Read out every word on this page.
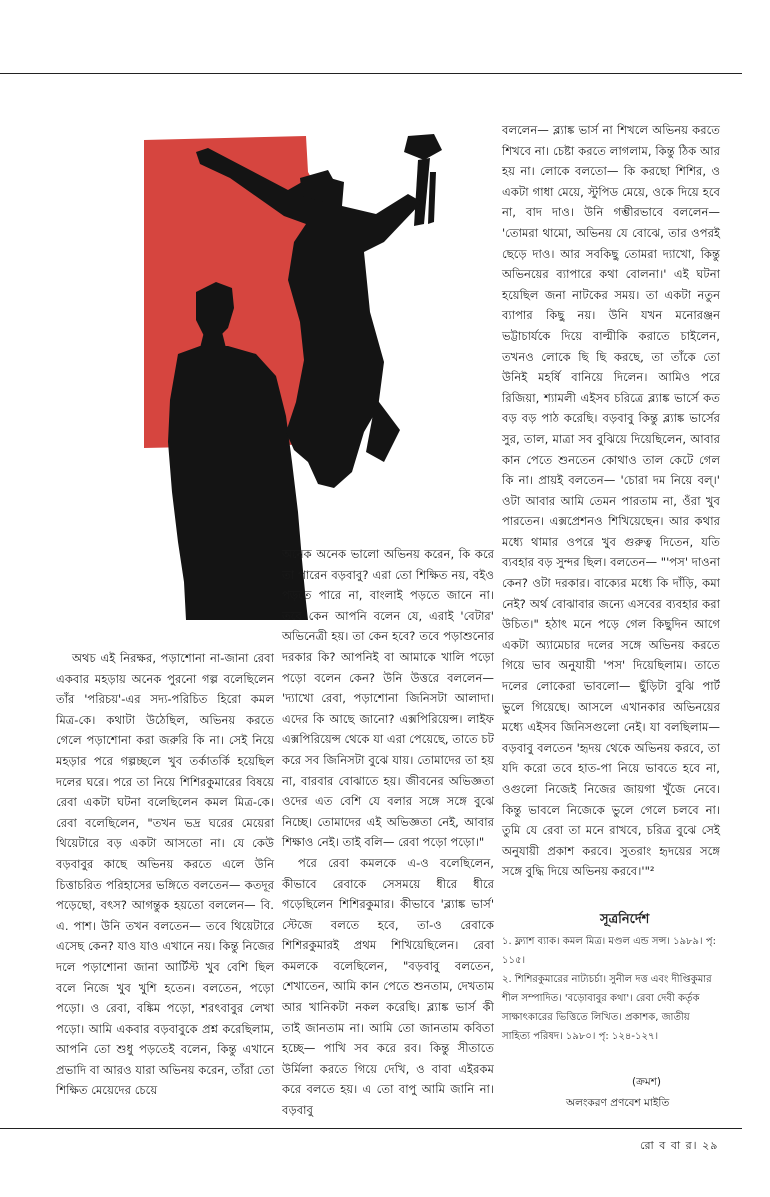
অথচ এই নিরক্ষর, পড়াশোনা না-জানা রেবা একবার মহড়ায় অনেক পুরনো গল্প বলেছিলেন তাঁর 'পরিচয়'-এর সদ্য-পরিচিত হিরো কমল মিত্র-কে। কথাটা উঠেছিল, অভিনয় করতে গেলে পড়াশোনা করা জরুরি কি না। সেই নিয়ে মহড়ার পরে গল্পচ্ছলে খুব তর্কাতর্কি হয়েছিল দলের ঘরে। পরে তা নিয়ে শিশিরকুমারের বিষয়ে রেবা একটা ঘটনা বলেছিলেন কমল মিত্র-কে। রেবা বলেছিলেন, "তখন ভদ্র ঘরের মেয়েরা থিয়েটারে বড় একটা আসতো না। যে কেউ বড়বাবুর কাছে অভিনয় করতে এলে উনি চিত্তাচরিত পরিহাসের ভঙ্গিতে বলতেন— কতদূর পড়েছো, বৎস? আগন্তুক হয়তো বললেন— বি. এ. পাশ। উনি তখন বলতেন— তবে থিয়েটারে এসেছ কেন? যাও যাও এখানে নয়। কিন্তু নিজের দলে পড়াশোনা জানা আর্টিস্ট খুব বেশি ছিল বলে নিজে খুব খুশি হতেন। বলতেন, পড়ো পড়ো। ও রেবা, বঙ্কিম পড়ো, শরৎবাবুর লেখা পড়ো। আমি একবার বড়বাবুকে প্রশ্ন করেছিলাম, আপনি তো শুধু পড়তেই বলেন, কিন্তু এখানে প্রভাদি বা আরও যারা অভিনয় করেন, তাঁরা তো শিক্ষিত মেয়েদের চেয়ে

অনেক অনেক ভালো অভিনয় করেন, কি করে তা পারেন বড়বাবু? এরা তো শিক্ষিত নয়, বইও পড়তে পারে না, বাংলাই পড়তে জানে না। তবে কেন আপনি বলেন যে, এরাই 'বেটার' অভিনেত্রী হয়। তা কেন হবে? তবে পড়াশুনোর দরকার কি? আপনিই বা আমাকে খালি পড়ো পড়ো বলেন কেন? উনি উত্তরে বললেন— 'দ্যাখো রেবা, পড়াশোনা জিনিসটা আলাদা। এদের কি আছে জানো? এক্সপিরিয়েন্স। লাইফ এক্সপিরিয়েন্স থেকে যা এরা পেয়েছে, তাতে চট করে সব জিনিসটা বুঝে যায়। তোমাদের তা হয় না, বারবার বোঝাতে হয়। জীবনের অভিজ্ঞতা ওদের এত বেশি যে বলার সঙ্গে সঙ্গে বুঝে নিচ্ছে। তোমাদের এই অভিজ্ঞতা নেই, আবার শিক্ষাও নেই। তাই বলি— রেবা পড়ো পড়ো।"

পরে রেবা কমলকে এ-ও বলেছিলেন, কীভাবে রেবাকে সেসময়ে ধীরে ধীরে গড়েছিলেন শিশিরকুমার। কীভাবে 'ব্ল্যাঙ্ক ভার্স' স্টেজে বলতে হবে, তা-ও রেবাকে শিশিরকুমারই প্রথম শিখিয়েছিলেন। রেবা কমলকে বলেছিলেন, "বড়বাবু বলতেন, শেখাতেন, আমি কান পেতে শুনতাম, দেখতাম আর খানিকটা নকল করেছি। ব্ল্যাঙ্ক ভার্স কী তাই জানতাম না। আমি তো জানতাম কবিতা হচ্ছে— পাখি সব করে রব। কিন্তু সীতাতে উর্মিলা করতে গিয়ে দেখি, ও বাবা এইরকম করে বলতে হয়। এ তো বাপু আমি জানি না। বড়বাবু

বললেন— ব্ল্যাঙ্ক ভার্স না শিখলে অভিনয় করতে শিখবে না। চেষ্টা করতে লাগলাম, কিন্তু ঠিক আর হয় না। লোকে বলতো— কি করছো শিশির, ও একটা গাধা মেয়ে, স্টুপিড মেয়ে, ওকে দিয়ে হবে না, বাদ দাও। উনি গম্ভীরভাবে বললেন— 'তোমরা থামো, অভিনয় যে বোঝে, তার ওপরই ছেড়ে দাও। আর সবকিছু তোমরা দ্যাখো, কিন্তু অভিনয়ের ব্যাপারে কথা বোলনা।' এই ঘটনা হয়েছিল জনা নাটকের সময়। তা একটা নতুন ব্যাপার কিছু নয়। উনি যখন মনোরঞ্জন ভট্টাচার্যকে দিয়ে বাল্মীকি করাতে চাইলেন, তখনও লোকে ছি ছি করছে, তা তাঁকে তো উনিই মহর্ষি বানিয়ে দিলেন। আমিও পরে রিজিয়া, শ্যামলী এইসব চরিত্রে ব্ল্যাঙ্ক ভার্সে কত বড় বড় পাঠ করেছি। বড়বাবু কিন্তু ব্ল্যাঙ্ক ভার্সের সুর, তাল, মাত্রা সব বুঝিয়ে দিয়েছিলেন, আবার কান পেতে শুনতেন কোথাও তাল কেটে গেল কি না। প্রায়ই বলতেন— 'চোরা দম নিয়ে বল্।' ওটা আবার আমি তেমন পারতাম না, ওঁরা খুব পারতেন। এক্সপ্রেশনও শিখিয়েছেন। আর কথার মধ্যে থামার ওপরে খুব গুরুত্ব দিতেন, যতি ব্যবহার বড় সুন্দর ছিল। বলতেন— "'পস' দাওনা কেন? ওটা দরকার। বাক্যের মধ্যে কি দাঁড়ি, কমা নেই? অর্থ বোঝাবার জন্যে এসবের ব্যবহার করা উচিত।" হঠাৎ মনে পড়ে গেল কিছুদিন আগে একটা অ্যামেচার দলের সঙ্গে অভিনয় করতে গিয়ে ভাব অনুযায়ী 'পস' দিয়েছিলাম। তাতে দলের লোকেরা ভাবলো— ছুঁড়িটা বুঝি পার্ট ভুলে গিয়েছে। আসলে এখানকার অভিনয়ের মধ্যে এইসব জিনিসগুলো নেই। যা বলছিলাম— বড়বাবু বলতেন 'হৃদয় থেকে অভিনয় করবে, তা যদি করো তবে হাত-পা নিয়ে ভাবতে হবে না, ওগুলো নিজেই নিজের জায়গা খুঁজে নেবে। কিন্তু ভাবলে নিজেকে ভুলে গেলে চলবে না। তুমি যে রেবা তা মনে রাখবে, চরিত্র বুঝে সেই অনুযায়ী প্রকাশ করবে। সুতরাং হৃদয়ের সঙ্গে সঙ্গে বুদ্ধি দিয়ে অভিনয় করবে।'"²

সূত্রনির্দেশ
১. ফ্ল্যাশ ব্যাক। কমল মিত্র। মণ্ডল এন্ড সন্স। ১৯৮৯। পৃ: ১১৫।
২. শিশিরকুমারের নাট্যচর্চা। সুনীল দত্ত এবং দীপ্তিকুমার শীল সম্পাদিত। 'বড়োবাবুর কথা'। রেবা দেবী কর্তৃক সাক্ষাৎকারের ভিত্তিতে লিখিত। প্রকাশক, জাতীয় সাহিত্য পরিষদ। ১৯৮০। পৃ: ১২৪-১২৭।
(ক্রমশ)
অলংকরণ প্রণবেশ মাইতি
রো ব বা র। ২৯
